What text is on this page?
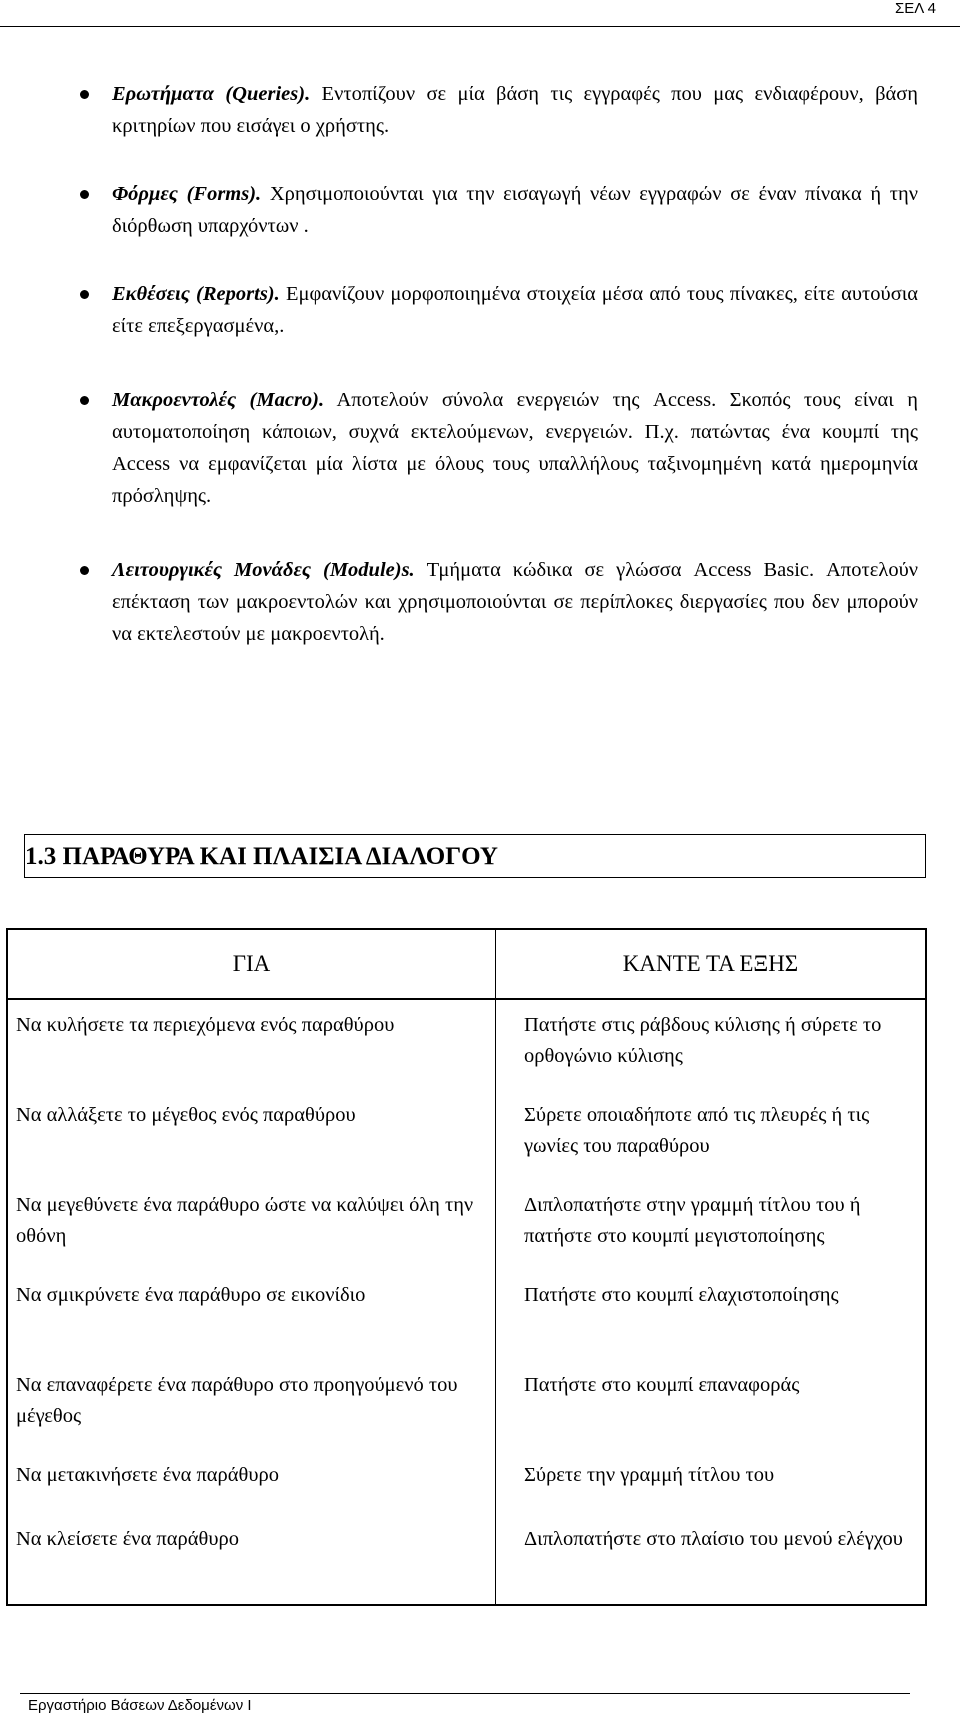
ΣΕΛ 4
Ερωτήματα (Queries). Εντοπίζουν σε μία βάση τις εγγραφές που μας ενδιαφέρουν, βάση κριτηρίων που εισάγει ο χρήστης.
Φόρμες (Forms). Χρησιμοποιούνται για την εισαγωγή νέων εγγραφών σε έναν πίνακα ή την διόρθωση υπαρχόντων .
Εκθέσεις (Reports). Εμφανίζουν μορφοποιημένα στοιχεία μέσα από τους πίνακες, είτε αυτούσια είτε επεξεργασμένα,.
Μακροεντολές (Macro). Αποτελούν σύνολα ενεργειών της Access. Σκοπός τους είναι η αυτοματοποίηση κάποιων, συχνά εκτελούμενων, ενεργειών. Π.χ. πατώντας ένα κουμπί της Access να εμφανίζεται μία λίστα με όλους τους υπαλλήλους ταξινομημένη κατά ημερομηνία πρόσληψης.
Λειτουργικές Μονάδες (Module)s. Τμήματα κώδικα σε γλώσσα Access Basic. Αποτελούν επέκταση των μακροεντολών και χρησιμοποιούνται σε περίπλοκες διεργασίες που δεν μπορούν να εκτελεστούν με μακροεντολή.
1.3 ΠΑΡΑΘΥΡΑ ΚΑΙ ΠΛΑΙΣΙΑ ΔΙΑΛΟΓΟΥ
ΓΙΑ	ΚΑΝΤΕ ΤΑ ΕΞΗΣ
Να κυλήσετε τα περιεχόμενα ενός παραθύρου	Πατήστε στις ράβδους κύλισης ή σύρετε το ορθογώνιο κύλισης
Να αλλάξετε το μέγεθος ενός παραθύρου	Σύρετε οποιαδήποτε από τις πλευρές ή τις γωνίες του παραθύρου
Να μεγεθύνετε ένα παράθυρο ώστε να καλύψει όλη την οθόνη	Διπλοπατήστε στην γραμμή τίτλου του ή πατήστε στο κουμπί μεγιστοποίησης
Να σμικρύνετε ένα παράθυρο σε εικονίδιο	Πατήστε στο κουμπί ελαχιστοποίησης
Να επαναφέρετε ένα παράθυρο στο προηγούμενό του μέγεθος	Πατήστε στο κουμπί επαναφοράς
Να μετακινήσετε ένα παράθυρο	Σύρετε την γραμμή τίτλου του
Να κλείσετε ένα παράθυρο	Διπλοπατήστε στο πλαίσιο του μενού ελέγχου
Εργαστήριο Βάσεων Δεδομένων Ι
